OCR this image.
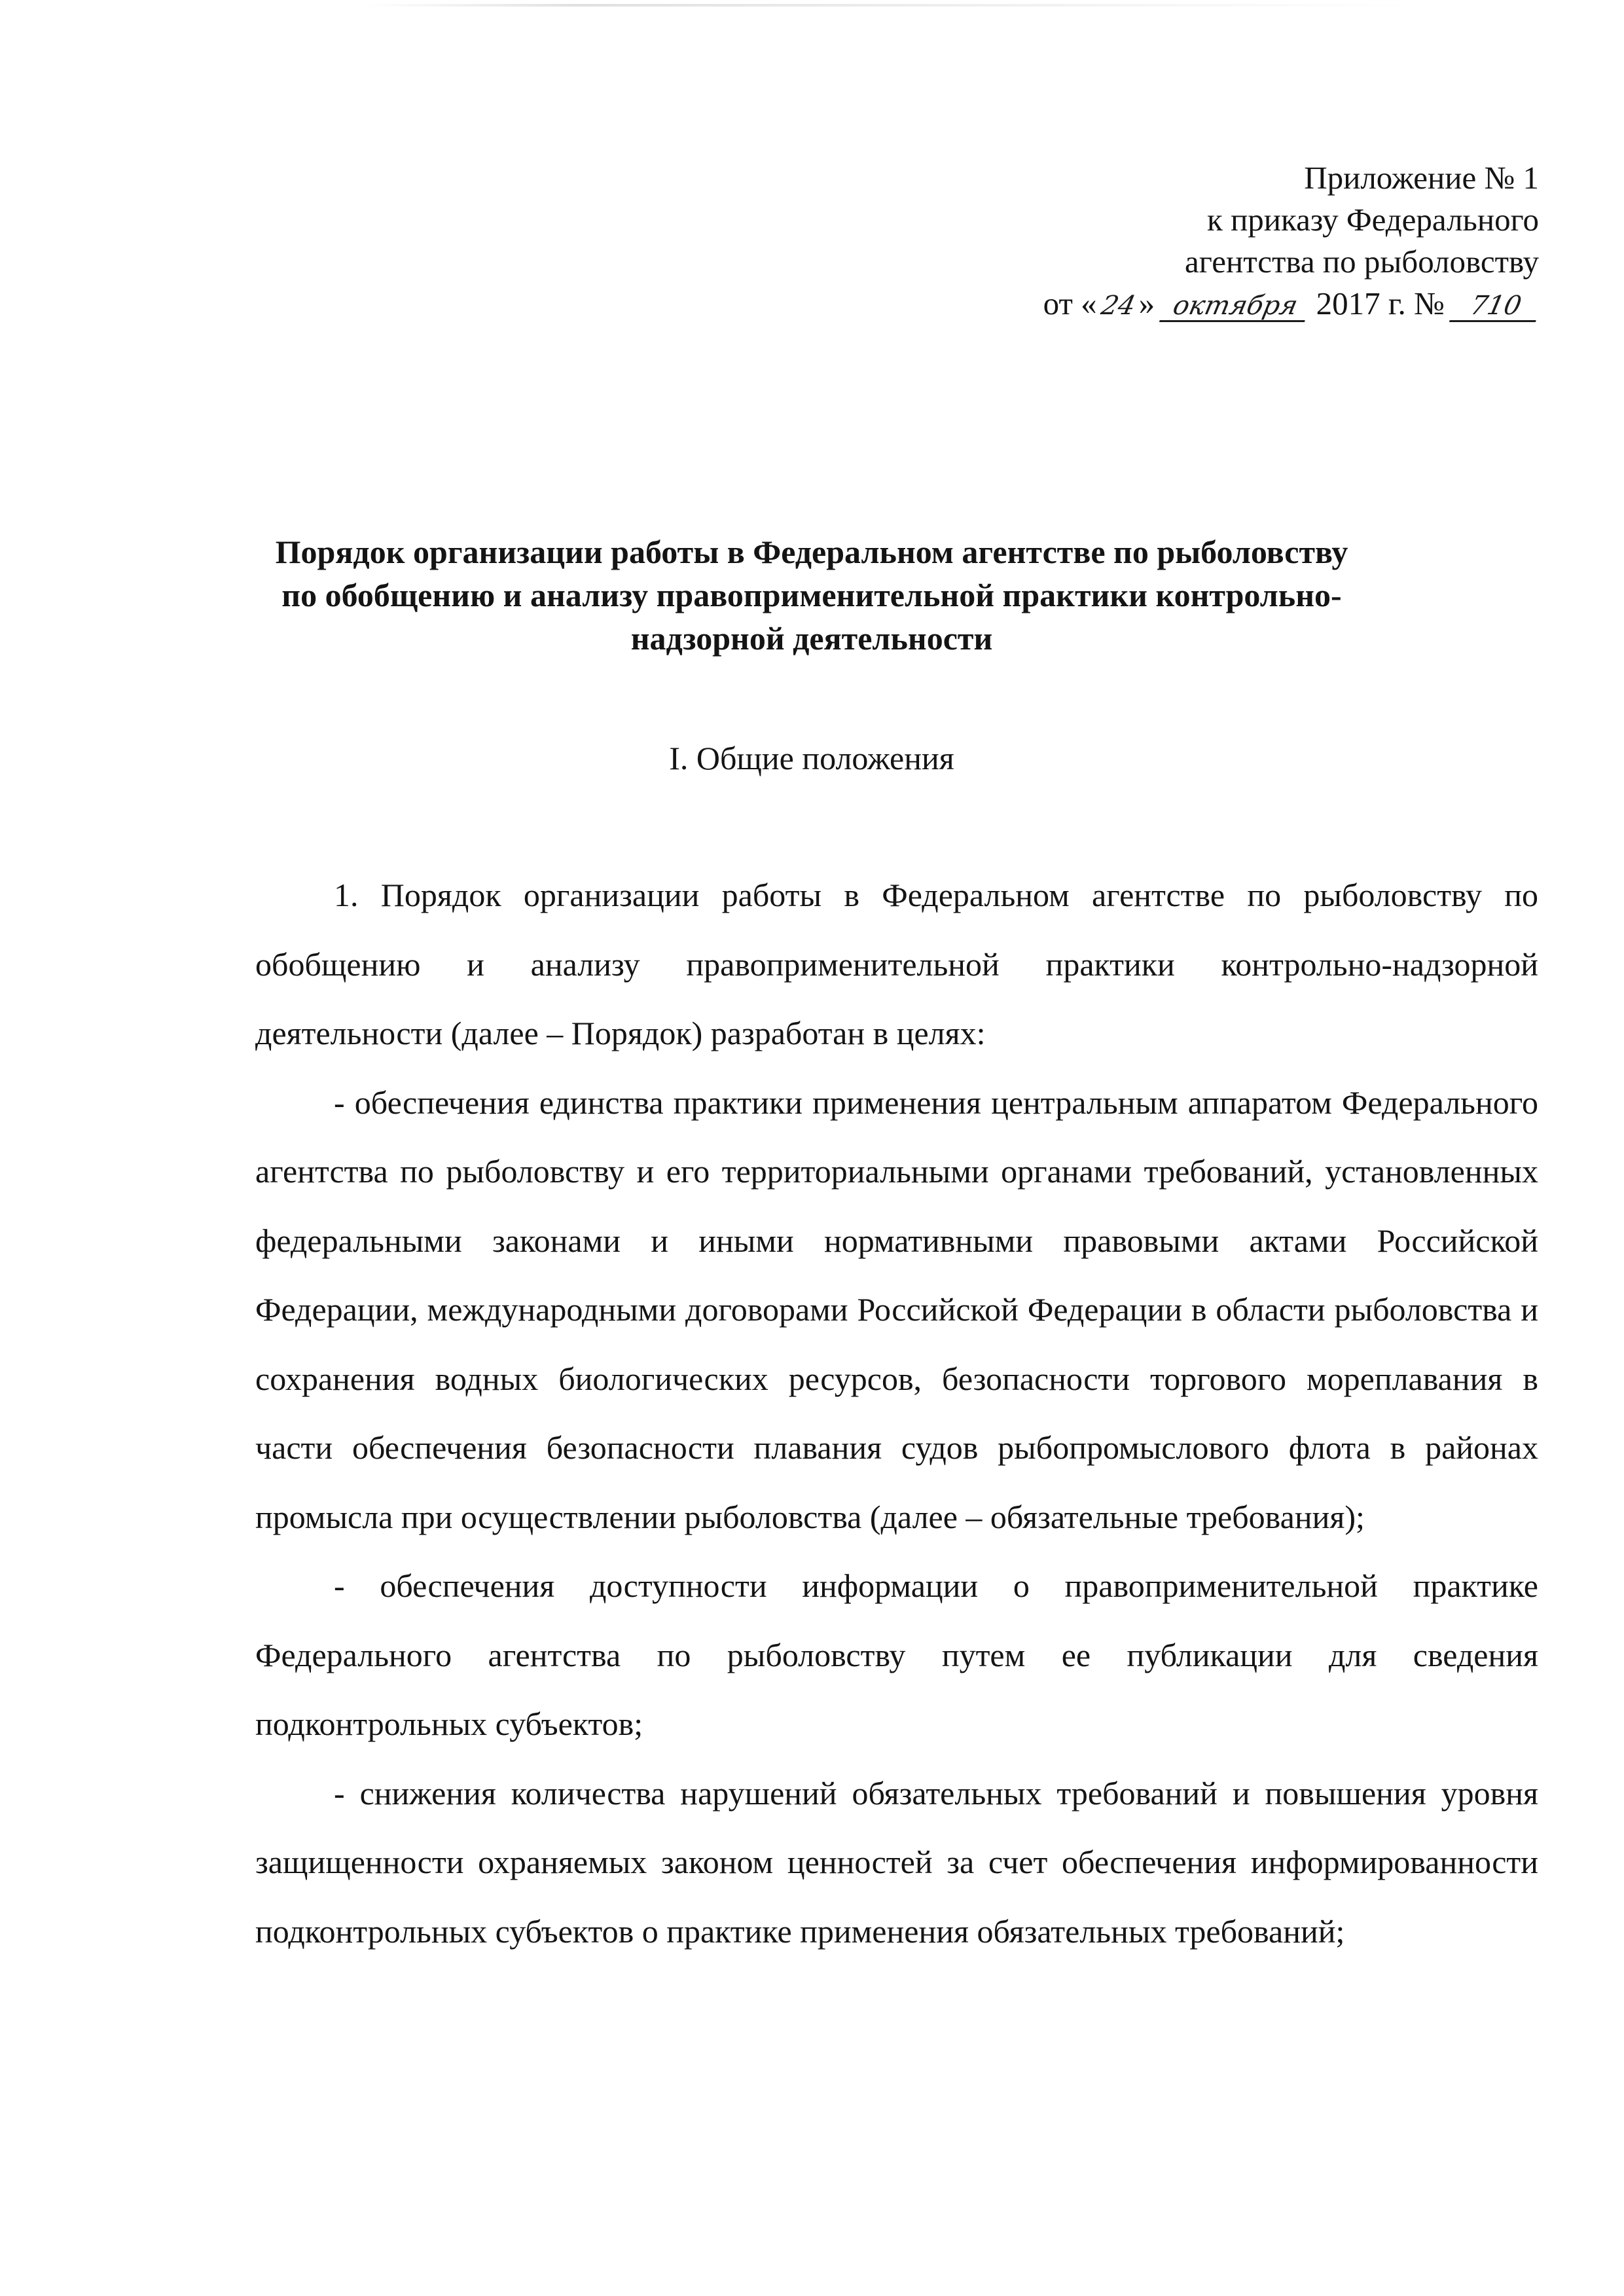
Приложение № 1
к приказу Федерального
агентства по рыболовству
от «24» октября 2017 г. № 710
Порядок организации работы в Федеральном агентстве по рыболовству
по обобщению и анализу правоприменительной практики контрольно-
надзорной деятельности
I. Общие положения

1. Порядок организации работы в Федеральном агентстве по рыболовству по обобщению и анализу правоприменительной практики контрольно-надзорной деятельности (далее – Порядок) разработан в целях:

- обеспечения единства практики применения центральным аппаратом Федерального агентства по рыболовству и его территориальными органами требований, установленных федеральными законами и иными нормативными правовыми актами Российской Федерации, международными договорами Российской Федерации в области рыболовства и сохранения водных биологических ресурсов, безопасности торгового мореплавания в части обеспечения безопасности плавания судов рыбопромыслового флота в районах промысла при осуществлении рыболовства (далее – обязательные требования);

- обеспечения доступности информации о правоприменительной практике Федерального агентства по рыболовству путем ее публикации для сведения подконтрольных субъектов;

- снижения количества нарушений обязательных требований и повышения уровня защищенности охраняемых законом ценностей за счет обеспечения информированности подконтрольных субъектов о практике применения обязательных требований;
